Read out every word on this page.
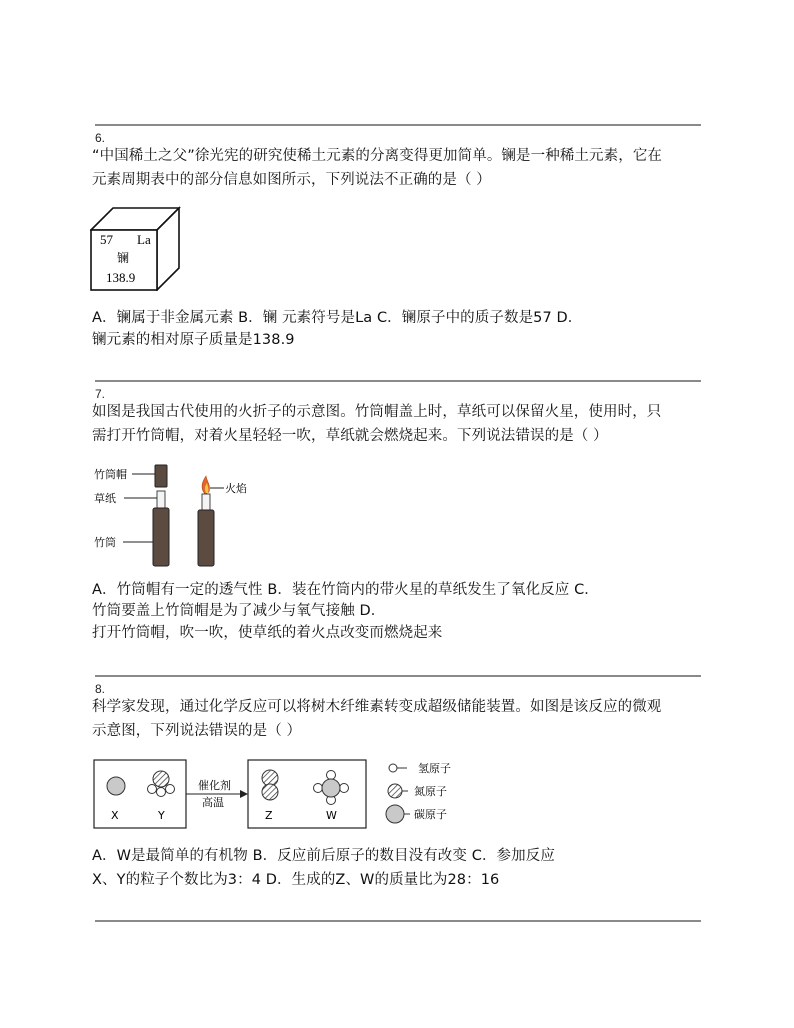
6.
“中国稀土之父”徐光宪的研究使稀土元素的分离变得更加简单。镧是一种稀土元素，它在
元素周期表中的部分信息如图所示，下列说法不正确的是（ ）
57 La
镧
138.9
A．镧属于非金属元素 B．镧 元素符号是La C．镧原子中的质子数是57 D．
镧元素的相对原子质量是138.9
7.
如图是我国古代使用的火折子的示意图。竹筒帽盖上时，草纸可以保留火星，使用时，只
需打开竹筒帽，对着火星轻轻一吹，草纸就会燃烧起来。下列说法错误的是（ ）
竹筒帽
草纸
竹筒
火焰
A．竹筒帽有一定的透气性 B．装在竹筒内的带火星的草纸发生了氧化反应 C．
竹筒要盖上竹筒帽是为了减少与氧气接触 D．
打开竹筒帽，吹一吹，使草纸的着火点改变而燃烧起来
8.
科学家发现，通过化学反应可以将树木纤维素转变成超级储能装置。如图是该反应的微观
示意图，下列说法错误的是（ ）
X	Y
催化剂
高温
Z	W
氢原子
氮原子
碳原子
A．W是最简单的有机物 B．反应前后原子的数目没有改变 C．参加反应
X、Y的粒子个数比为3：4 D．生成的Z、W的质量比为28：16
